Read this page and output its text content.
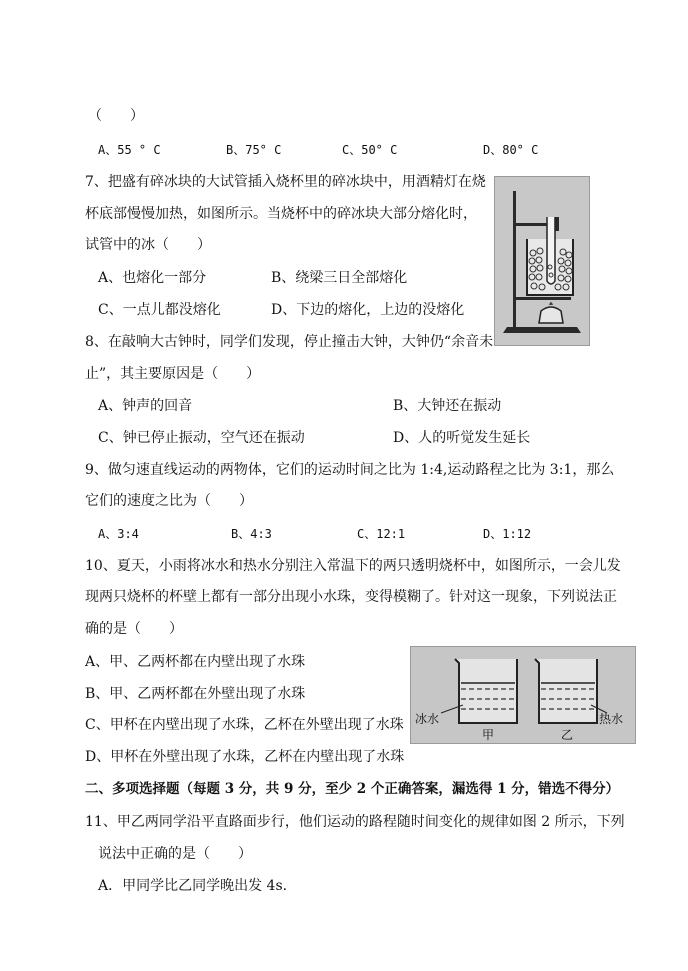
（　　）
A、55 ° C	B、75° C	C、50° C	D、80° C
7、把盛有碎冰块的大试管插入烧杯里的碎冰块中，用酒精灯在烧
杯底部慢慢加热，如图所示。当烧杯中的碎冰块大部分熔化时，
试管中的冰（　　）
A、也熔化一部分	B、绕梁三日全部熔化
C、一点儿都没熔化	D、下边的熔化，上边的没熔化
8、在敲响大古钟时，同学们发现，停止撞击大钟，大钟仍“余音未
止”，其主要原因是（　　）
A、钟声的回音	B、大钟还在振动
C、钟已停止振动，空气还在振动	D、人的听觉发生延长
9、做匀速直线运动的两物体，它们的运动时间之比为 1:4,运动路程之比为 3:1，那么
它们的速度之比为（　　）
A、3:4	B、4:3	C、12:1	D、1:12
10、夏天，小雨将冰水和热水分别注入常温下的两只透明烧杯中，如图所示，一会儿发
现两只烧杯的杯壁上都有一部分出现小水珠，变得模糊了。针对这一现象，下列说法正
确的是（　　）
A、甲、乙两杯都在内壁出现了水珠
B、甲、乙两杯都在外壁出现了水珠
C、甲杯在内壁出现了水珠，乙杯在外壁出现了水珠
D、甲杯在外壁出现了水珠，乙杯在内壁出现了水珠
冰水	热水
甲	乙
二、多项选择题（每题 3 分，共 9 分，至少 2 个正确答案，漏选得 1 分，错选不得分）
11、甲乙两同学沿平直路面步行，他们运动的路程随时间变化的规律如图 2 所示，下列
说法中正确的是（　　）
A．甲同学比乙同学晚出发 4s.
